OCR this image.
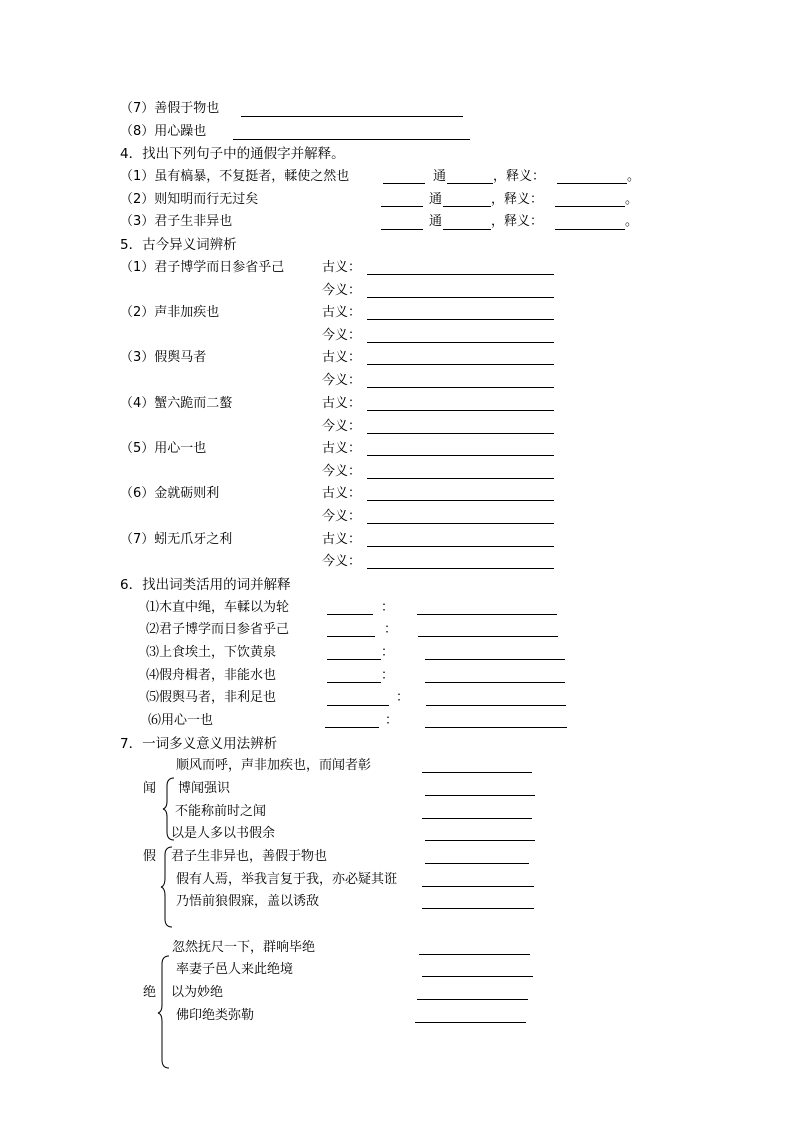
（7）善假于物也
（8）用心躁也
4．找出下列句子中的通假字并解释。
（1）虽有槁暴，不复挺者，輮使之然也	通	，释义：	。
（2）则知明而行无过矣	通	，释义：	。
（3）君子生非异也	通	，释义：	。
5．古今异义词辨析
（1）君子博学而日参省乎己	古义：
今义：
（2）声非加疾也	古义：
今义：
（3）假舆马者	古义：
今义：
（4）蟹六跪而二螯	古义：
今义：
（5）用心一也	古义：
今义：
（6）金就砺则利	古义：
今义：
（7）蚓无爪牙之利	古义：
今义：
6．找出词类活用的词并解释
⑴木直中绳，车輮以为轮	：
⑵君子博学而日参省乎己	：
⑶上食埃土，下饮黄泉	：
⑷假舟楫者，非能水也	：
⑸假舆马者，非利足也	：
⑹用心一也	：
7．一词多义意义用法辨析
闻
顺风而呼，声非加疾也，而闻者彰
博闻强识
不能称前时之闻
以是人多以书假余
假 君子生非异也，善假于物也
假有人焉，举我言复于我，亦必疑其诳
乃悟前狼假寐，盖以诱敌
绝
忽然抚尺一下，群响毕绝
率妻子邑人来此绝境
以为妙绝
佛印绝类弥勒
